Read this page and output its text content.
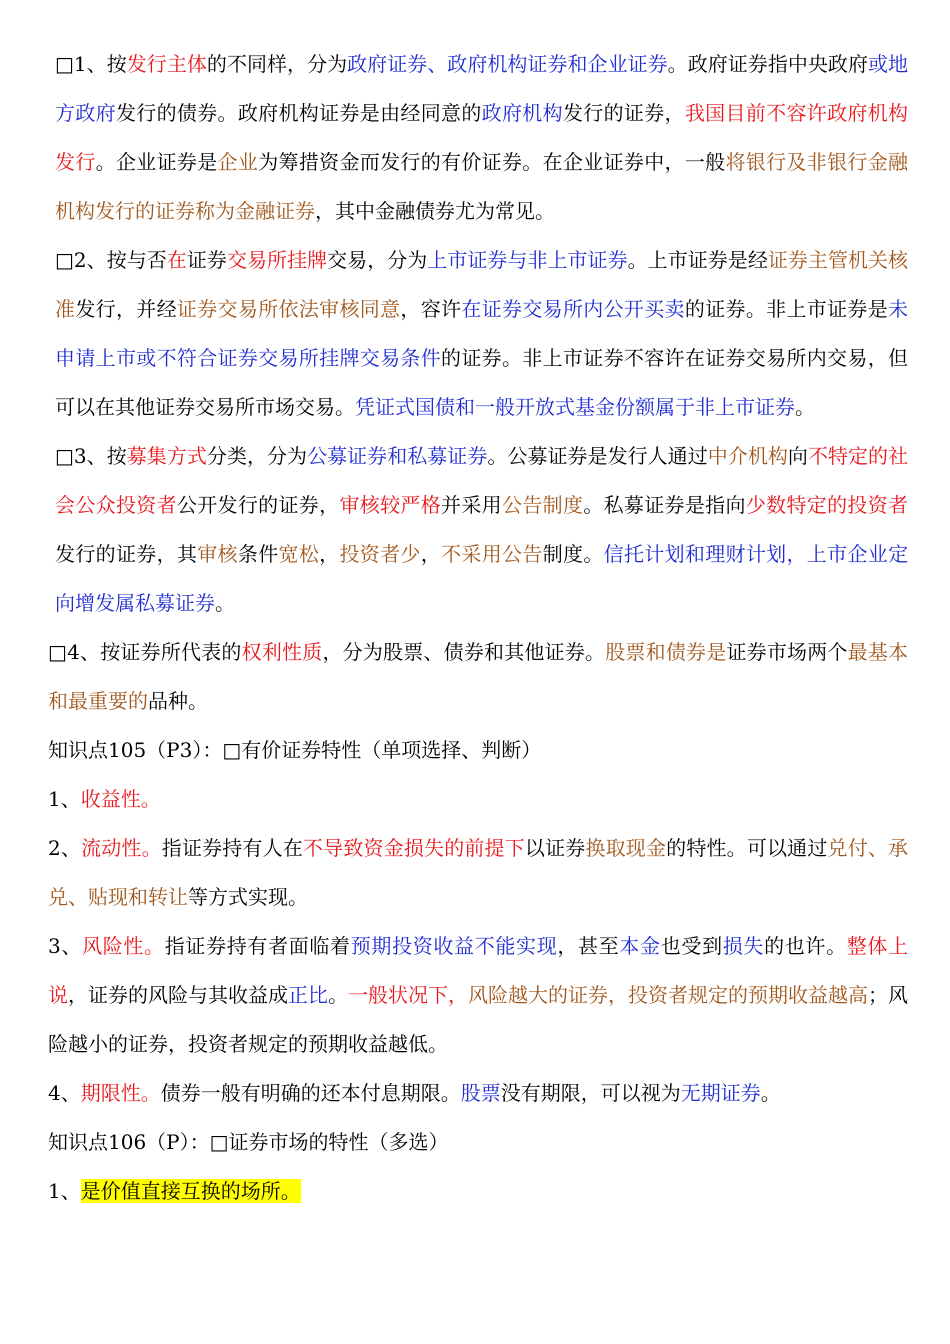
□1、按发行主体的不同样，分为政府证券、政府机构证券和企业证券。政府证券指中央政府或地方政府发行的债券。政府机构证券是由经同意的政府机构发行的证券，我国目前不容许政府机构发行。企业证券是企业为筹措资金而发行的有价证券。在企业证券中，一般将银行及非银行金融机构发行的证券称为金融证券，其中金融债券尤为常见。

□2、按与否在证券交易所挂牌交易，分为上市证券与非上市证券。上市证券是经证券主管机关核准发行，并经证券交易所依法审核同意，容许在证券交易所内公开买卖的证券。非上市证券是未申请上市或不符合证券交易所挂牌交易条件的证券。非上市证券不容许在证券交易所内交易，但可以在其他证券交易所市场交易。凭证式国债和一般开放式基金份额属于非上市证券。

□3、按募集方式分类，分为公募证券和私募证券。公募证券是发行人通过中介机构向不特定的社会公众投资者公开发行的证券，审核较严格并采用公告制度。私募证券是指向少数特定的投资者发行的证券，其审核条件宽松，投资者少，不采用公告制度。信托计划和理财计划，上市企业定向增发属私募证券。

□4、按证券所代表的权利性质，分为股票、债券和其他证券。股票和债券是证券市场两个最基本和最重要的品种。

知识点105（P3）：□有价证券特性（单项选择、判断）

1、收益性。

2、流动性。指证券持有人在不导致资金损失的前提下以证券换取现金的特性。可以通过兑付、承兑、贴现和转让等方式实现。

3、风险性。指证券持有者面临着预期投资收益不能实现，甚至本金也受到损失的也许。整体上说，证券的风险与其收益成正比。一般状况下，风险越大的证券，投资者规定的预期收益越高；风险越小的证券，投资者规定的预期收益越低。

4、期限性。债券一般有明确的还本付息期限。股票没有期限，可以视为无期证券。

知识点106（P）：□证券市场的特性（多选）

1、是价值直接互换的场所。
